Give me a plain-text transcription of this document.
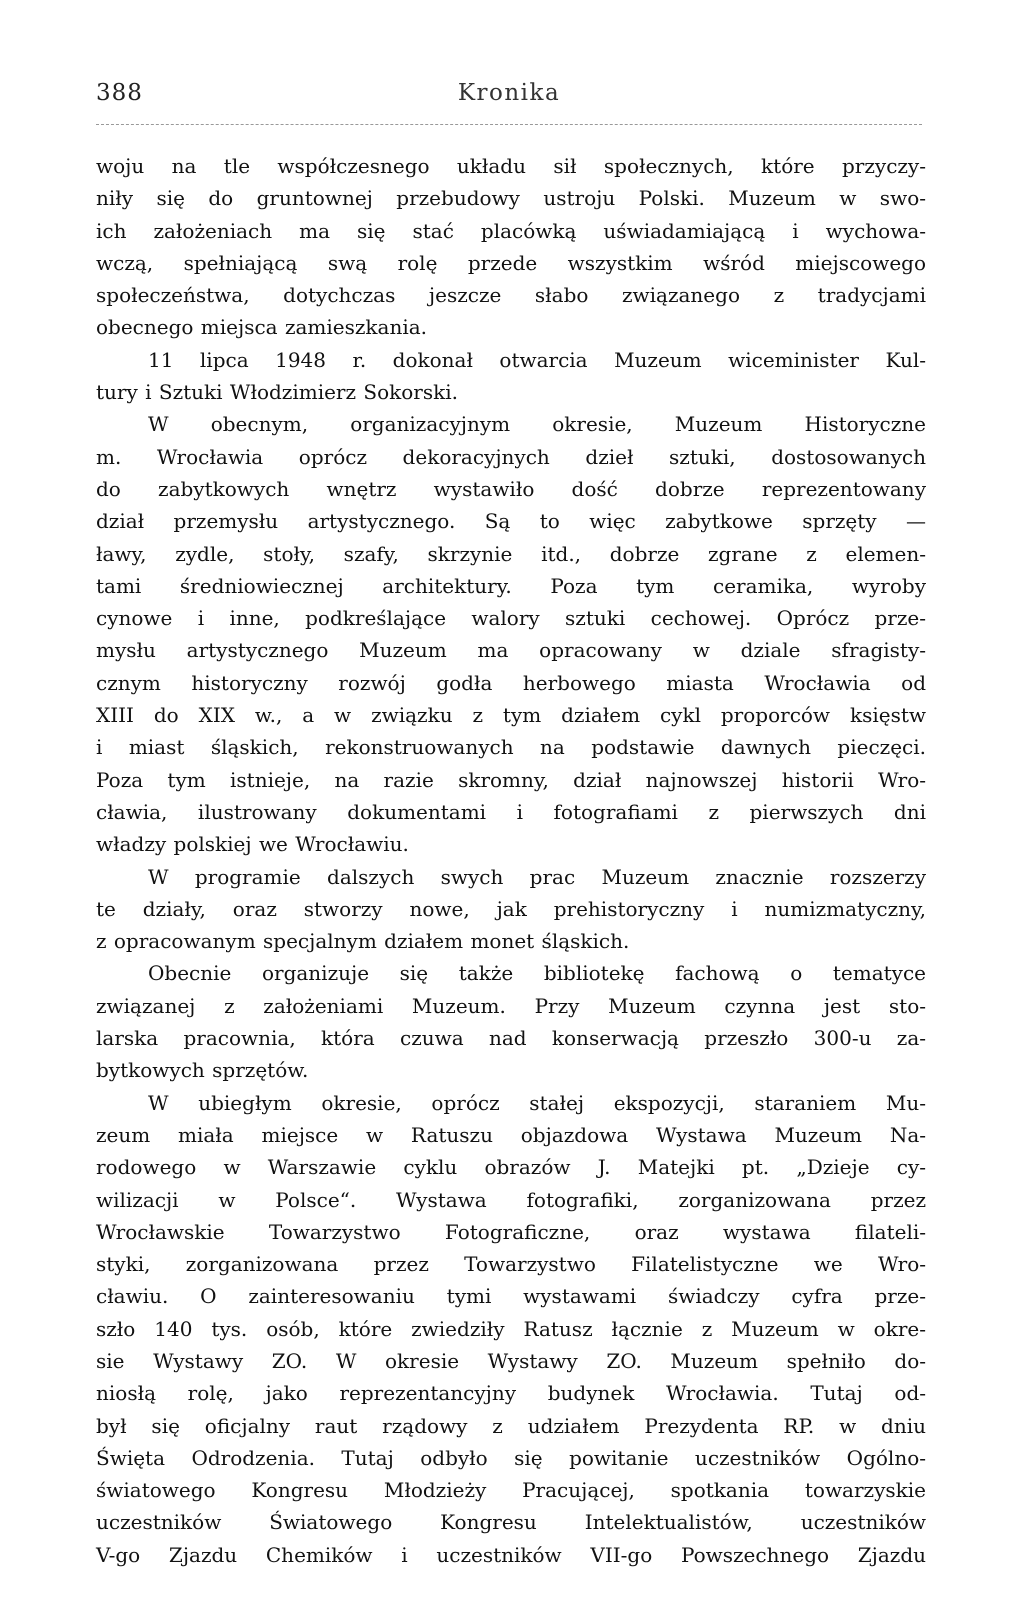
388	Kronika
woju na tle współczesnego układu sił społecznych, które przyczy-
niły się do gruntownej przebudowy ustroju Polski. Muzeum w swo-
ich założeniach ma się stać placówką uświadamiającą i wychowa-
wczą, spełniającą swą rolę przede wszystkim wśród miejscowego
społeczeństwa, dotychczas jeszcze słabo związanego z tradycjami
obecnego miejsca zamieszkania.
11 lipca 1948 r. dokonał otwarcia Muzeum wiceminister Kul-
tury i Sztuki Włodzimierz Sokorski.
W obecnym, organizacyjnym okresie, Muzeum Historyczne
m. Wrocławia oprócz dekoracyjnych dzieł sztuki, dostosowanych
do zabytkowych wnętrz wystawiło dość dobrze reprezentowany
dział przemysłu artystycznego. Są to więc zabytkowe sprzęty —
ławy, zydle, stoły, szafy, skrzynie itd., dobrze zgrane z elemen-
tami średniowiecznej architektury. Poza tym ceramika, wyroby
cynowe i inne, podkreślające walory sztuki cechowej. Oprócz prze-
mysłu artystycznego Muzeum ma opracowany w dziale sfragisty-
cznym historyczny rozwój godła herbowego miasta Wrocławia od
XIII do XIX w., a w związku z tym działem cykl proporców księstw
i miast śląskich, rekonstruowanych na podstawie dawnych pieczęci.
Poza tym istnieje, na razie skromny, dział najnowszej historii Wro-
cławia, ilustrowany dokumentami i fotografiami z pierwszych dni
władzy polskiej we Wrocławiu.
W programie dalszych swych prac Muzeum znacznie rozszerzy
te działy, oraz stworzy nowe, jak prehistoryczny i numizmatyczny,
z opracowanym specjalnym działem monet śląskich.
Obecnie organizuje się także bibliotekę fachową o tematyce
związanej z założeniami Muzeum. Przy Muzeum czynna jest sto-
larska pracownia, która czuwa nad konserwacją przeszło 300-u za-
bytkowych sprzętów.
W ubiegłym okresie, oprócz stałej ekspozycji, staraniem Mu-
zeum miała miejsce w Ratuszu objazdowa Wystawa Muzeum Na-
rodowego w Warszawie cyklu obrazów J. Matejki pt. „Dzieje cy-
wilizacji w Polsce“. Wystawa fotografiki, zorganizowana przez
Wrocławskie Towarzystwo Fotograficzne, oraz wystawa filateli-
styki, zorganizowana przez Towarzystwo Filatelistyczne we Wro-
cławiu. O zainteresowaniu tymi wystawami świadczy cyfra prze-
szło 140 tys. osób, które zwiedziły Ratusz łącznie z Muzeum w okre-
sie Wystawy ZO. W okresie Wystawy ZO. Muzeum spełniło do-
niosłą rolę, jako reprezentancyjny budynek Wrocławia. Tutaj od-
był się oficjalny raut rządowy z udziałem Prezydenta RP. w dniu
Święta Odrodzenia. Tutaj odbyło się powitanie uczestników Ogólno-
światowego Kongresu Młodzieży Pracującej, spotkania towarzyskie
uczestników Światowego Kongresu Intelektualistów, uczestników
V-go Zjazdu Chemików i uczestników VII-go Powszechnego Zjazdu
